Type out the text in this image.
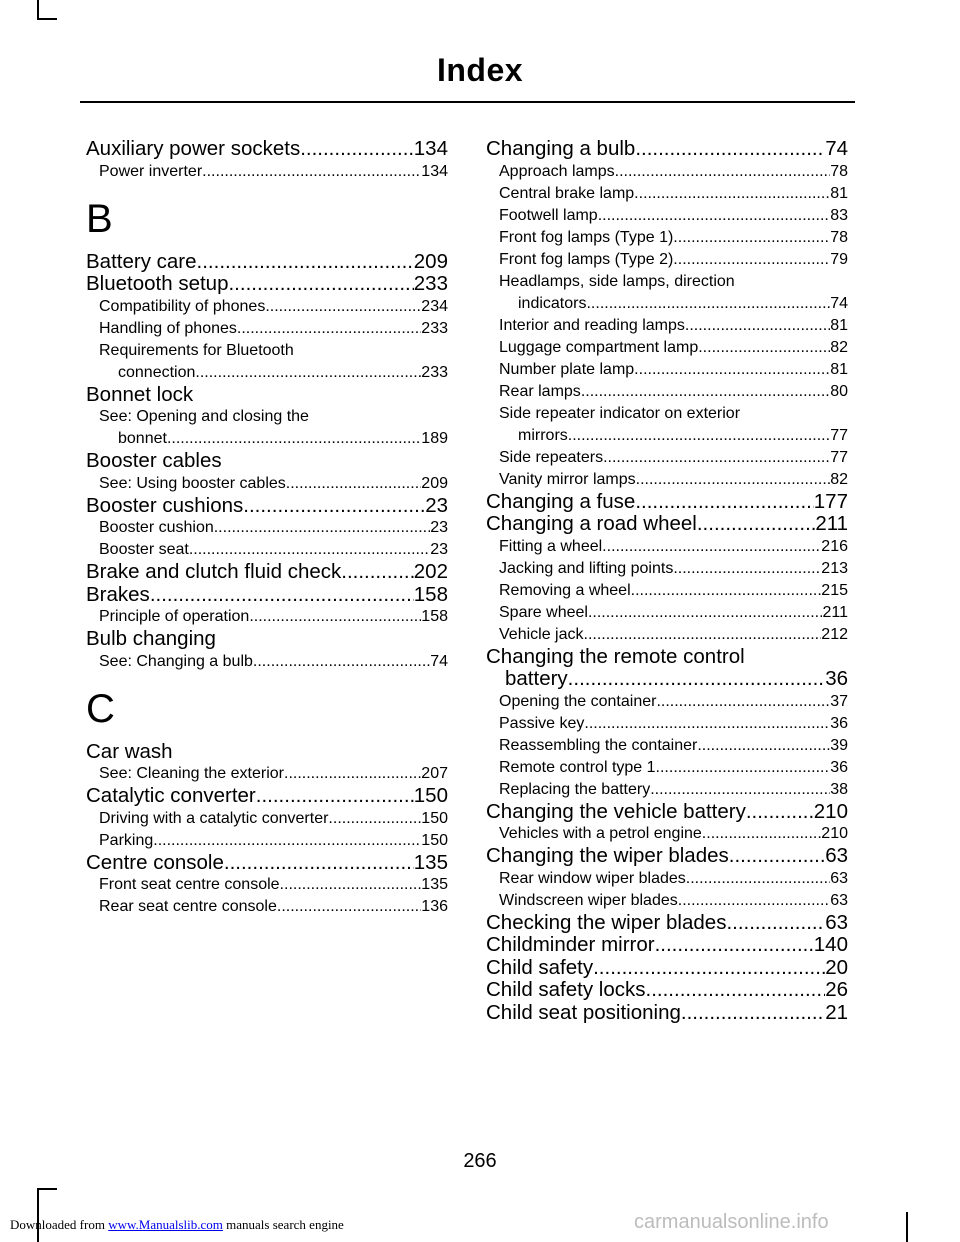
Index
Auxiliary power sockets .....	134
Power inverter .....	134
B
Battery care .....	209
Bluetooth setup .....	233
Compatibility of phones .....	234
Handling of phones .....	233
Requirements for Bluetooth
connection .....	233
Bonnet lock
See: Opening and closing the
bonnet .....	189
Booster cables
See: Using booster cables .....	209
Booster cushions .....	23
Booster cushion .....	23
Booster seat .....	23
Brake and clutch fluid check .....	202
Brakes .....	158
Principle of operation .....	158
Bulb changing
See: Changing a bulb .....	74
C
Car wash
See: Cleaning the exterior .....	207
Catalytic converter .....	150
Driving with a catalytic converter .....	150
Parking .....	150
Centre console .....	135
Front seat centre console .....	135
Rear seat centre console .....	136
Changing a bulb .....	74
Approach lamps .....	78
Central brake lamp .....	81
Footwell lamp .....	83
Front fog lamps (Type 1) .....	78
Front fog lamps (Type 2) .....	79
Headlamps, side lamps, direction
indicators .....	74
Interior and reading lamps .....	81
Luggage compartment lamp .....	82
Number plate lamp .....	81
Rear lamps .....	80
Side repeater indicator on exterior
mirrors .....	77
Side repeaters .....	77
Vanity mirror lamps .....	82
Changing a fuse .....	177
Changing a road wheel .....	211
Fitting a wheel .....	216
Jacking and lifting points .....	213
Removing a wheel .....	215
Spare wheel .....	211
Vehicle jack .....	212
Changing the remote control
battery .....	36
Opening the container .....	37
Passive key .....	36
Reassembling the container .....	39
Remote control type 1 .....	36
Replacing the battery .....	38
Changing the vehicle battery .....	210
Vehicles with a petrol engine .....	210
Changing the wiper blades .....	63
Rear window wiper blades .....	63
Windscreen wiper blades .....	63
Checking the wiper blades .....	63
Childminder mirror .....	140
Child safety .....	20
Child safety locks .....	26
Child seat positioning .....	21
266
Downloaded from www.Manualslib.com manuals search engine	carmanualsonline.info
